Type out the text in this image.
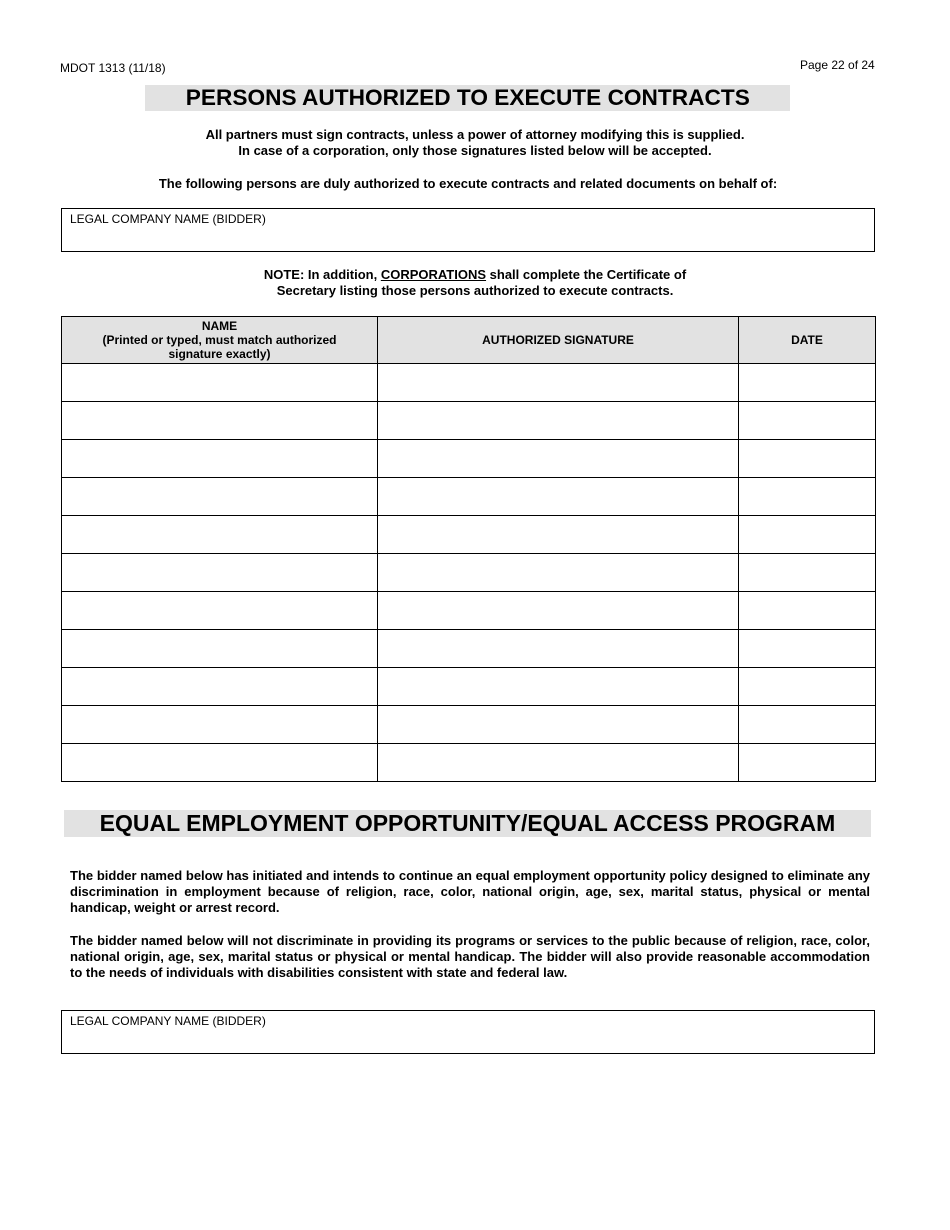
MDOT 1313 (11/18)	Page 22 of 24
PERSONS AUTHORIZED TO EXECUTE CONTRACTS
All partners must sign contracts, unless a power of attorney modifying this is supplied.
In case of a corporation, only those signatures listed below will be accepted.
The following persons are duly authorized to execute contracts and related documents on behalf of:
LEGAL COMPANY NAME (BIDDER)
NOTE: In addition, CORPORATIONS shall complete the Certificate of
Secretary listing those persons authorized to execute contracts.
NAME
(Printed or typed, must match authorized
signature exactly)	AUTHORIZED SIGNATURE	DATE

EQUAL EMPLOYMENT OPPORTUNITY/EQUAL ACCESS PROGRAM
The bidder named below has initiated and intends to continue an equal employment opportunity policy designed to eliminate any discrimination in employment because of religion, race, color, national origin, age, sex, marital status, physical or mental handicap, weight or arrest record.
The bidder named below will not discriminate in providing its programs or services to the public because of religion, race, color, national origin, age, sex, marital status or physical or mental handicap. The bidder will also provide reasonable accommodation to the needs of individuals with disabilities consistent with state and federal law.
LEGAL COMPANY NAME (BIDDER)
